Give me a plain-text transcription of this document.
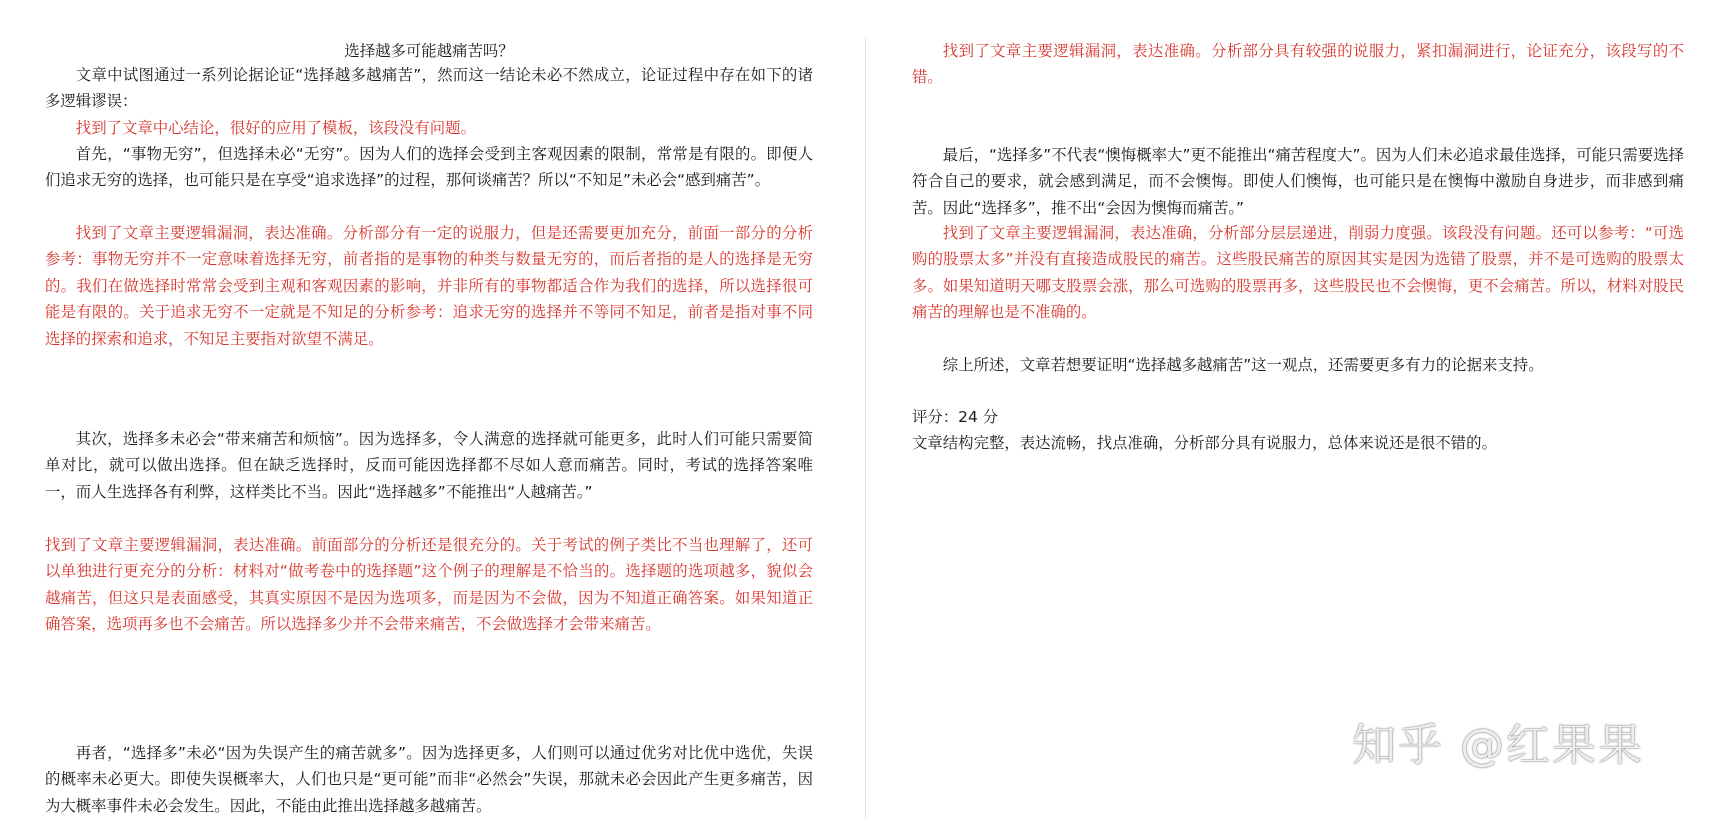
选择越多可能越痛苦吗？

文章中试图通过一系列论据论证“选择越多越痛苦”，然而这一结论未必不然成立，论证过程中存在如下的诸多逻辑谬误：

找到了文章中心结论，很好的应用了模板，该段没有问题。

首先，“事物无穷”，但选择未必“无穷”。因为人们的选择会受到主客观因素的限制，常常是有限的。即便人们追求无穷的选择，也可能只是在享受“追求选择”的过程，那何谈痛苦？所以“不知足”未必会“感到痛苦”。

找到了文章主要逻辑漏洞，表达准确。分析部分有一定的说服力，但是还需要更加充分，前面一部分的分析参考：事物无穷并不一定意味着选择无穷，前者指的是事物的种类与数量无穷的，而后者指的是人的选择是无穷的。我们在做选择时常常会受到主观和客观因素的影响，并非所有的事物都适合作为我们的选择，所以选择很可能是有限的。关于追求无穷不一定就是不知足的分析参考：追求无穷的选择并不等同不知足，前者是指对事不同选择的探索和追求，不知足主要指对欲望不满足。

其次，选择多未必会“带来痛苦和烦恼”。因为选择多，令人满意的选择就可能更多，此时人们可能只需要简单对比，就可以做出选择。但在缺乏选择时，反而可能因选择都不尽如人意而痛苦。同时，考试的选择答案唯一，而人生选择各有利弊，这样类比不当。因此“选择越多”不能推出“人越痛苦。”

找到了文章主要逻辑漏洞，表达准确。前面部分的分析还是很充分的。关于考试的例子类比不当也理解了，还可以单独进行更充分的分析：材料对“做考卷中的选择题”这个例子的理解是不恰当的。选择题的选项越多，貌似会越痛苦，但这只是表面感受，其真实原因不是因为选项多，而是因为不会做，因为不知道正确答案。如果知道正确答案，选项再多也不会痛苦。所以选择多少并不会带来痛苦，不会做选择才会带来痛苦。

再者，“选择多”未必“因为失误产生的痛苦就多”。因为选择更多，人们则可以通过优劣对比优中选优，失误的概率未必更大。即使失误概率大，人们也只是“更可能”而非“必然会”失误，那就未必会因此产生更多痛苦，因为大概率事件未必会发生。因此，不能由此推出选择越多越痛苦。

找到了文章主要逻辑漏洞，表达准确。分析部分具有较强的说服力，紧扣漏洞进行，论证充分，该段写的不错。

最后，“选择多”不代表“懊悔概率大”更不能推出“痛苦程度大”。因为人们未必追求最佳选择，可能只需要选择符合自己的要求，就会感到满足，而不会懊悔。即使人们懊悔，也可能只是在懊悔中激励自身进步，而非感到痛苦。因此“选择多”，推不出“会因为懊悔而痛苦。”

找到了文章主要逻辑漏洞，表达准确，分析部分层层递进，削弱力度强。该段没有问题。还可以参考：“可选购的股票太多”并没有直接造成股民的痛苦。这些股民痛苦的原因其实是因为选错了股票，并不是可选购的股票太多。如果知道明天哪支股票会涨，那么可选购的股票再多，这些股民也不会懊悔，更不会痛苦。所以，材料对股民痛苦的理解也是不准确的。

综上所述，文章若想要证明“选择越多越痛苦”这一观点，还需要更多有力的论据来支持。

评分：24 分

文章结构完整，表达流畅，找点准确，分析部分具有说服力，总体来说还是很不错的。

知乎 @红果果
